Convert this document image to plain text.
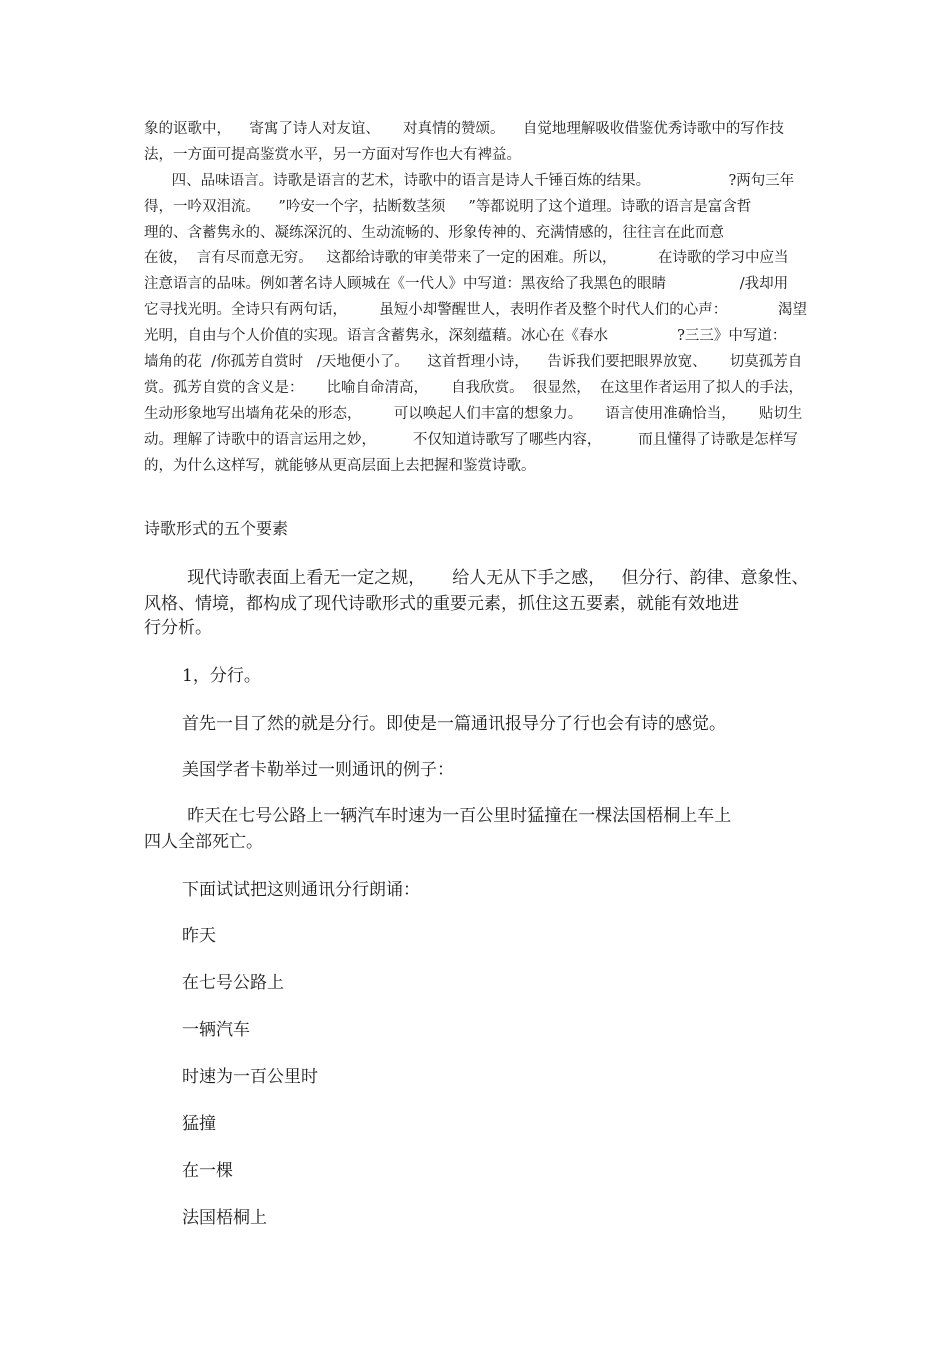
象的讴歌中，    寄寓了诗人对友谊、     对真情的赞颂。    自觉地理解吸收借鉴优秀诗歌中的写作技
法，一方面可提高鉴赏水平，另一方面对写作也大有裨益。
四、品味语言。诗歌是语言的艺术，诗歌中的语言是诗人千锤百炼的结果。                 ?两句三年
得，一吟双泪流。    ”吟安一个字，拈断数茎须     ”等都说明了这个道理。诗歌的语言是富含哲
理的、含蓄隽永的、凝练深沉的、生动流畅的、形象传神的、充满情感的，往往言在此而意
在彼，  言有尽而意无穷。   这都给诗歌的审美带来了一定的困难。所以，         在诗歌的学习中应当
注意语言的品味。例如著名诗人顾城在《一代人》中写道：黑夜给了我黑色的眼睛                /我却用
它寻找光明。全诗只有两句话，       虽短小却警醒世人，表明作者及整个时代人们的心声：           渴望
光明，自由与个人价值的实现。语言含蓄隽永，深刻蕴藉。冰心在《春水               ?三三》中写道：
墙角的花  /你孤芳自赏时   /天地便小了。    这首哲理小诗，    告诉我们要把眼界放宽、     切莫孤芳自
赏。孤芳自赏的含义是：     比喻自命清高，     自我欣赏。  很显然，  在这里作者运用了拟人的手法，
生动形象地写出墙角花朵的形态，       可以唤起人们丰富的想象力。     语言使用准确恰当，     贴切生
动。理解了诗歌中的语言运用之妙，        不仅知道诗歌写了哪些内容，        而且懂得了诗歌是怎样写
的，为什么这样写，就能够从更高层面上去把握和鉴赏诗歌。
诗歌形式的五个要素
现代诗歌表面上看无一定之规，     给人无从下手之感，   但分行、韵律、意象性、
风格、情境，都构成了现代诗歌形式的重要元素，抓住这五要素，就能有效地进
行分析。
1，分行。
首先一目了然的就是分行。即使是一篇通讯报导分了行也会有诗的感觉。
美国学者卡勒举过一则通讯的例子：
昨天在七号公路上一辆汽车时速为一百公里时猛撞在一棵法国梧桐上车上
四人全部死亡。
下面试试把这则通讯分行朗诵：
昨天
在七号公路上
一辆汽车
时速为一百公里时
猛撞
在一棵
法国梧桐上
